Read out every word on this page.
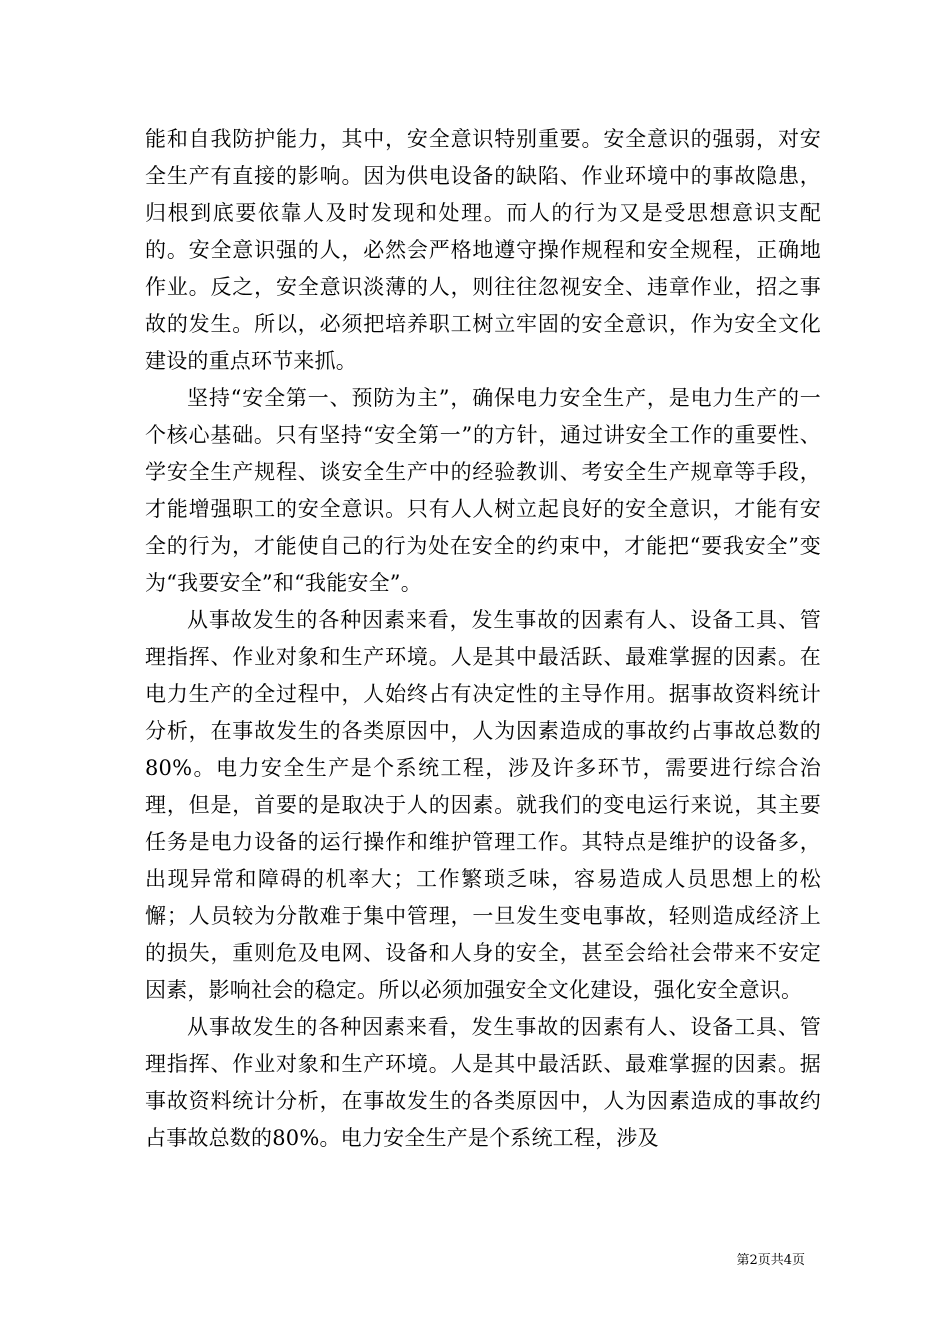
能和自我防护能力，其中，安全意识特别重要。安全意识的强弱，对安全生产有直接的影响。因为供电设备的缺陷、作业环境中的事故隐患，归根到底要依靠人及时发现和处理。而人的行为又是受思想意识支配的。安全意识强的人，必然会严格地遵守操作规程和安全规程，正确地作业。反之，安全意识淡薄的人，则往往忽视安全、违章作业，招之事故的发生。所以，必须把培养职工树立牢固的安全意识，作为安全文化建设的重点环节来抓。

坚持“安全第一、预防为主”，确保电力安全生产，是电力生产的一个核心基础。只有坚持“安全第一”的方针，通过讲安全工作的重要性、学安全生产规程、谈安全生产中的经验教训、考安全生产规章等手段，才能增强职工的安全意识。只有人人树立起良好的安全意识，才能有安全的行为，才能使自己的行为处在安全的约束中，才能把“要我安全”变为“我要安全”和“我能安全”。

从事故发生的各种因素来看，发生事故的因素有人、设备工具、管理指挥、作业对象和生产环境。人是其中最活跃、最难掌握的因素。在电力生产的全过程中，人始终占有决定性的主导作用。据事故资料统计分析，在事故发生的各类原因中，人为因素造成的事故约占事故总数的80%。电力安全生产是个系统工程，涉及许多环节，需要进行综合治理，但是，首要的是取决于人的因素。就我们的变电运行来说，其主要任务是电力设备的运行操作和维护管理工作。其特点是维护的设备多，出现异常和障碍的机率大；工作繁琐乏味，容易造成人员思想上的松懈；人员较为分散难于集中管理，一旦发生变电事故，轻则造成经济上的损失，重则危及电网、设备和人身的安全，甚至会给社会带来不安定因素，影响社会的稳定。所以必须加强安全文化建设，强化安全意识。

从事故发生的各种因素来看，发生事故的因素有人、设备工具、管理指挥、作业对象和生产环境。人是其中最活跃、最难掌握的因素。据事故资料统计分析，在事故发生的各类原因中，人为因素造成的事故约占事故总数的80%。电力安全生产是个系统工程，涉及

第2页共4页
